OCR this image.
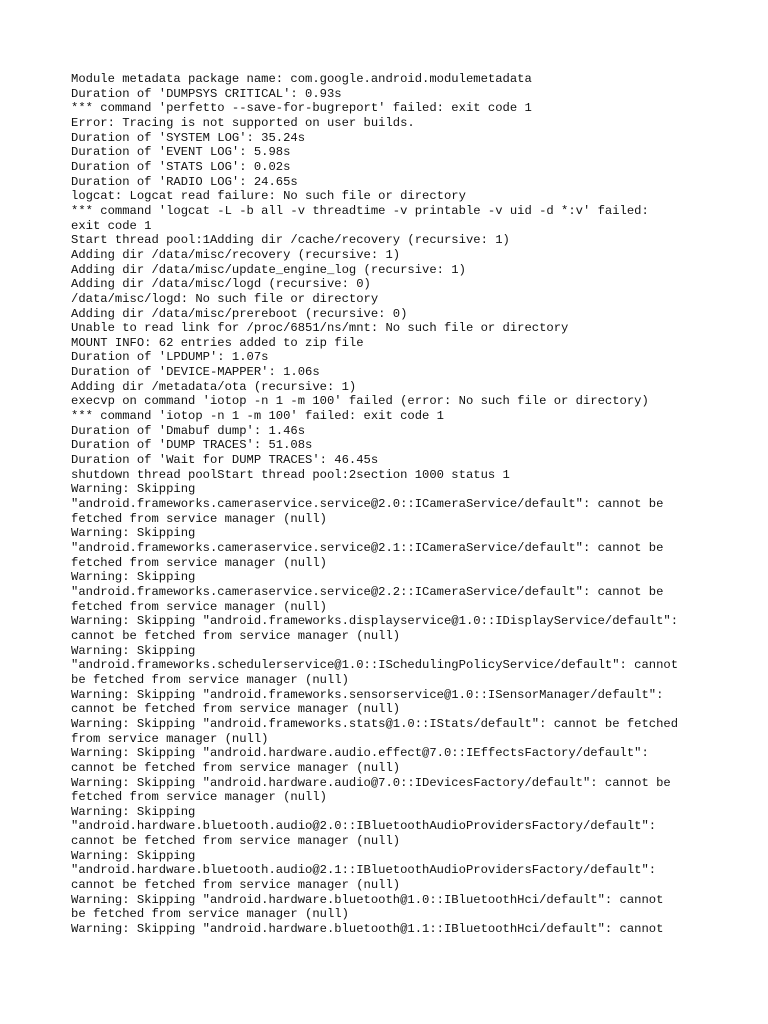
Module metadata package name: com.google.android.modulemetadata
Duration of 'DUMPSYS CRITICAL': 0.93s
*** command 'perfetto --save-for-bugreport' failed: exit code 1
Error: Tracing is not supported on user builds.
Duration of 'SYSTEM LOG': 35.24s
Duration of 'EVENT LOG': 5.98s
Duration of 'STATS LOG': 0.02s
Duration of 'RADIO LOG': 24.65s
logcat: Logcat read failure: No such file or directory
*** command 'logcat -L -b all -v threadtime -v printable -v uid -d *:v' failed:
exit code 1
Start thread pool:1Adding dir /cache/recovery (recursive: 1)
Adding dir /data/misc/recovery (recursive: 1)
Adding dir /data/misc/update_engine_log (recursive: 1)
Adding dir /data/misc/logd (recursive: 0)
/data/misc/logd: No such file or directory
Adding dir /data/misc/prereboot (recursive: 0)
Unable to read link for /proc/6851/ns/mnt: No such file or directory
MOUNT INFO: 62 entries added to zip file
Duration of 'LPDUMP': 1.07s
Duration of 'DEVICE-MAPPER': 1.06s
Adding dir /metadata/ota (recursive: 1)
execvp on command 'iotop -n 1 -m 100' failed (error: No such file or directory)
*** command 'iotop -n 1 -m 100' failed: exit code 1
Duration of 'Dmabuf dump': 1.46s
Duration of 'DUMP TRACES': 51.08s
Duration of 'Wait for DUMP TRACES': 46.45s
shutdown thread poolStart thread pool:2section 1000 status 1
Warning: Skipping
"android.frameworks.cameraservice.service@2.0::ICameraService/default": cannot be
fetched from service manager (null)
Warning: Skipping
"android.frameworks.cameraservice.service@2.1::ICameraService/default": cannot be
fetched from service manager (null)
Warning: Skipping
"android.frameworks.cameraservice.service@2.2::ICameraService/default": cannot be
fetched from service manager (null)
Warning: Skipping "android.frameworks.displayservice@1.0::IDisplayService/default":
cannot be fetched from service manager (null)
Warning: Skipping
"android.frameworks.schedulerservice@1.0::ISchedulingPolicyService/default": cannot
be fetched from service manager (null)
Warning: Skipping "android.frameworks.sensorservice@1.0::ISensorManager/default":
cannot be fetched from service manager (null)
Warning: Skipping "android.frameworks.stats@1.0::IStats/default": cannot be fetched
from service manager (null)
Warning: Skipping "android.hardware.audio.effect@7.0::IEffectsFactory/default":
cannot be fetched from service manager (null)
Warning: Skipping "android.hardware.audio@7.0::IDevicesFactory/default": cannot be
fetched from service manager (null)
Warning: Skipping
"android.hardware.bluetooth.audio@2.0::IBluetoothAudioProvidersFactory/default":
cannot be fetched from service manager (null)
Warning: Skipping
"android.hardware.bluetooth.audio@2.1::IBluetoothAudioProvidersFactory/default":
cannot be fetched from service manager (null)
Warning: Skipping "android.hardware.bluetooth@1.0::IBluetoothHci/default": cannot
be fetched from service manager (null)
Warning: Skipping "android.hardware.bluetooth@1.1::IBluetoothHci/default": cannot
